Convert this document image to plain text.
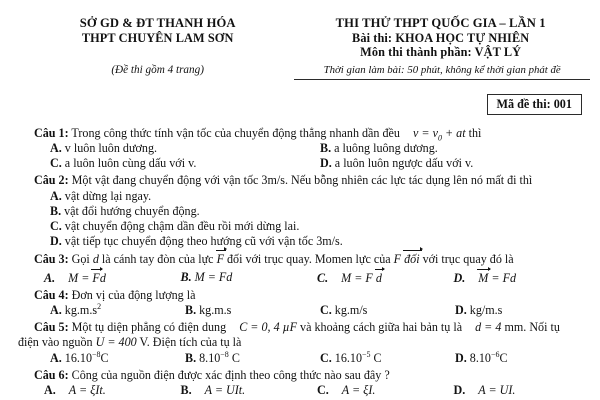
SỞ GD & ĐT THANH HÓA
THPT CHUYÊN LAM SƠN
(Đề thi gồm 4 trang)
THI THỬ THPT QUỐC GIA – LẦN 1
Bài thi: KHOA HỌC TỰ NHIÊN
Môn thi thành phần: VẬT LÝ
Thời gian làm bài: 50 phút, không kể thời gian phát đề
Mã đề thi: 001
Câu 1: Trong công thức tính vận tốc của chuyển động thẳng nhanh dần đều $v = v_0$ + at thì
A. v luôn luôn dương.	B. a luông luông dương.
C. a luôn luôn cùng dấu với v.	D. a luôn luôn ngược dấu với v.
Câu 2: Một vật đang chuyển động với vận tốc 3m/s. Nếu bỗng nhiên các lực tác dụng lên nó mất đi thì
A. vật dừng lại ngay.
B. vật đổi hướng chuyển động.
C. vật chuyển động chậm dần đều rồi mới dừng lai.
D. vật tiếp tục chuyển động theo hướng cũ với vận tốc 3m/s.
Câu 3: Gọi d là cánh tay đòn của lực F đối với trục quay. Momen lực của F đối với trục quay đó là
A. M = Fd	B. M = Fd	C. M = F d	D. M = Fd
Câu 4: Đơn vị của động lượng là
A. $kg.m.s^2$	B. kg.m.s	C. kg.m/s	D. kg/m.s
Câu 5: Một tụ diện phẳng có điện dung C = 0, 4 µF và khoảng cách giữa hai bản tụ là d = 4 mm. Nối tụ
điện vào nguồn U = 400 V. Điện tích của tụ là
A. $16.10^{-8}C$	B. $8.10^{-8}$ C	C. $16.10^{-5}$ C	D. $8.10^{-6}C$
Câu 6: Công của nguồn điện được xác định theo công thức nào sau đây ?
A. A = ξIt.	B. A = UIt.	C. A = ξI.	D. A = UI.
